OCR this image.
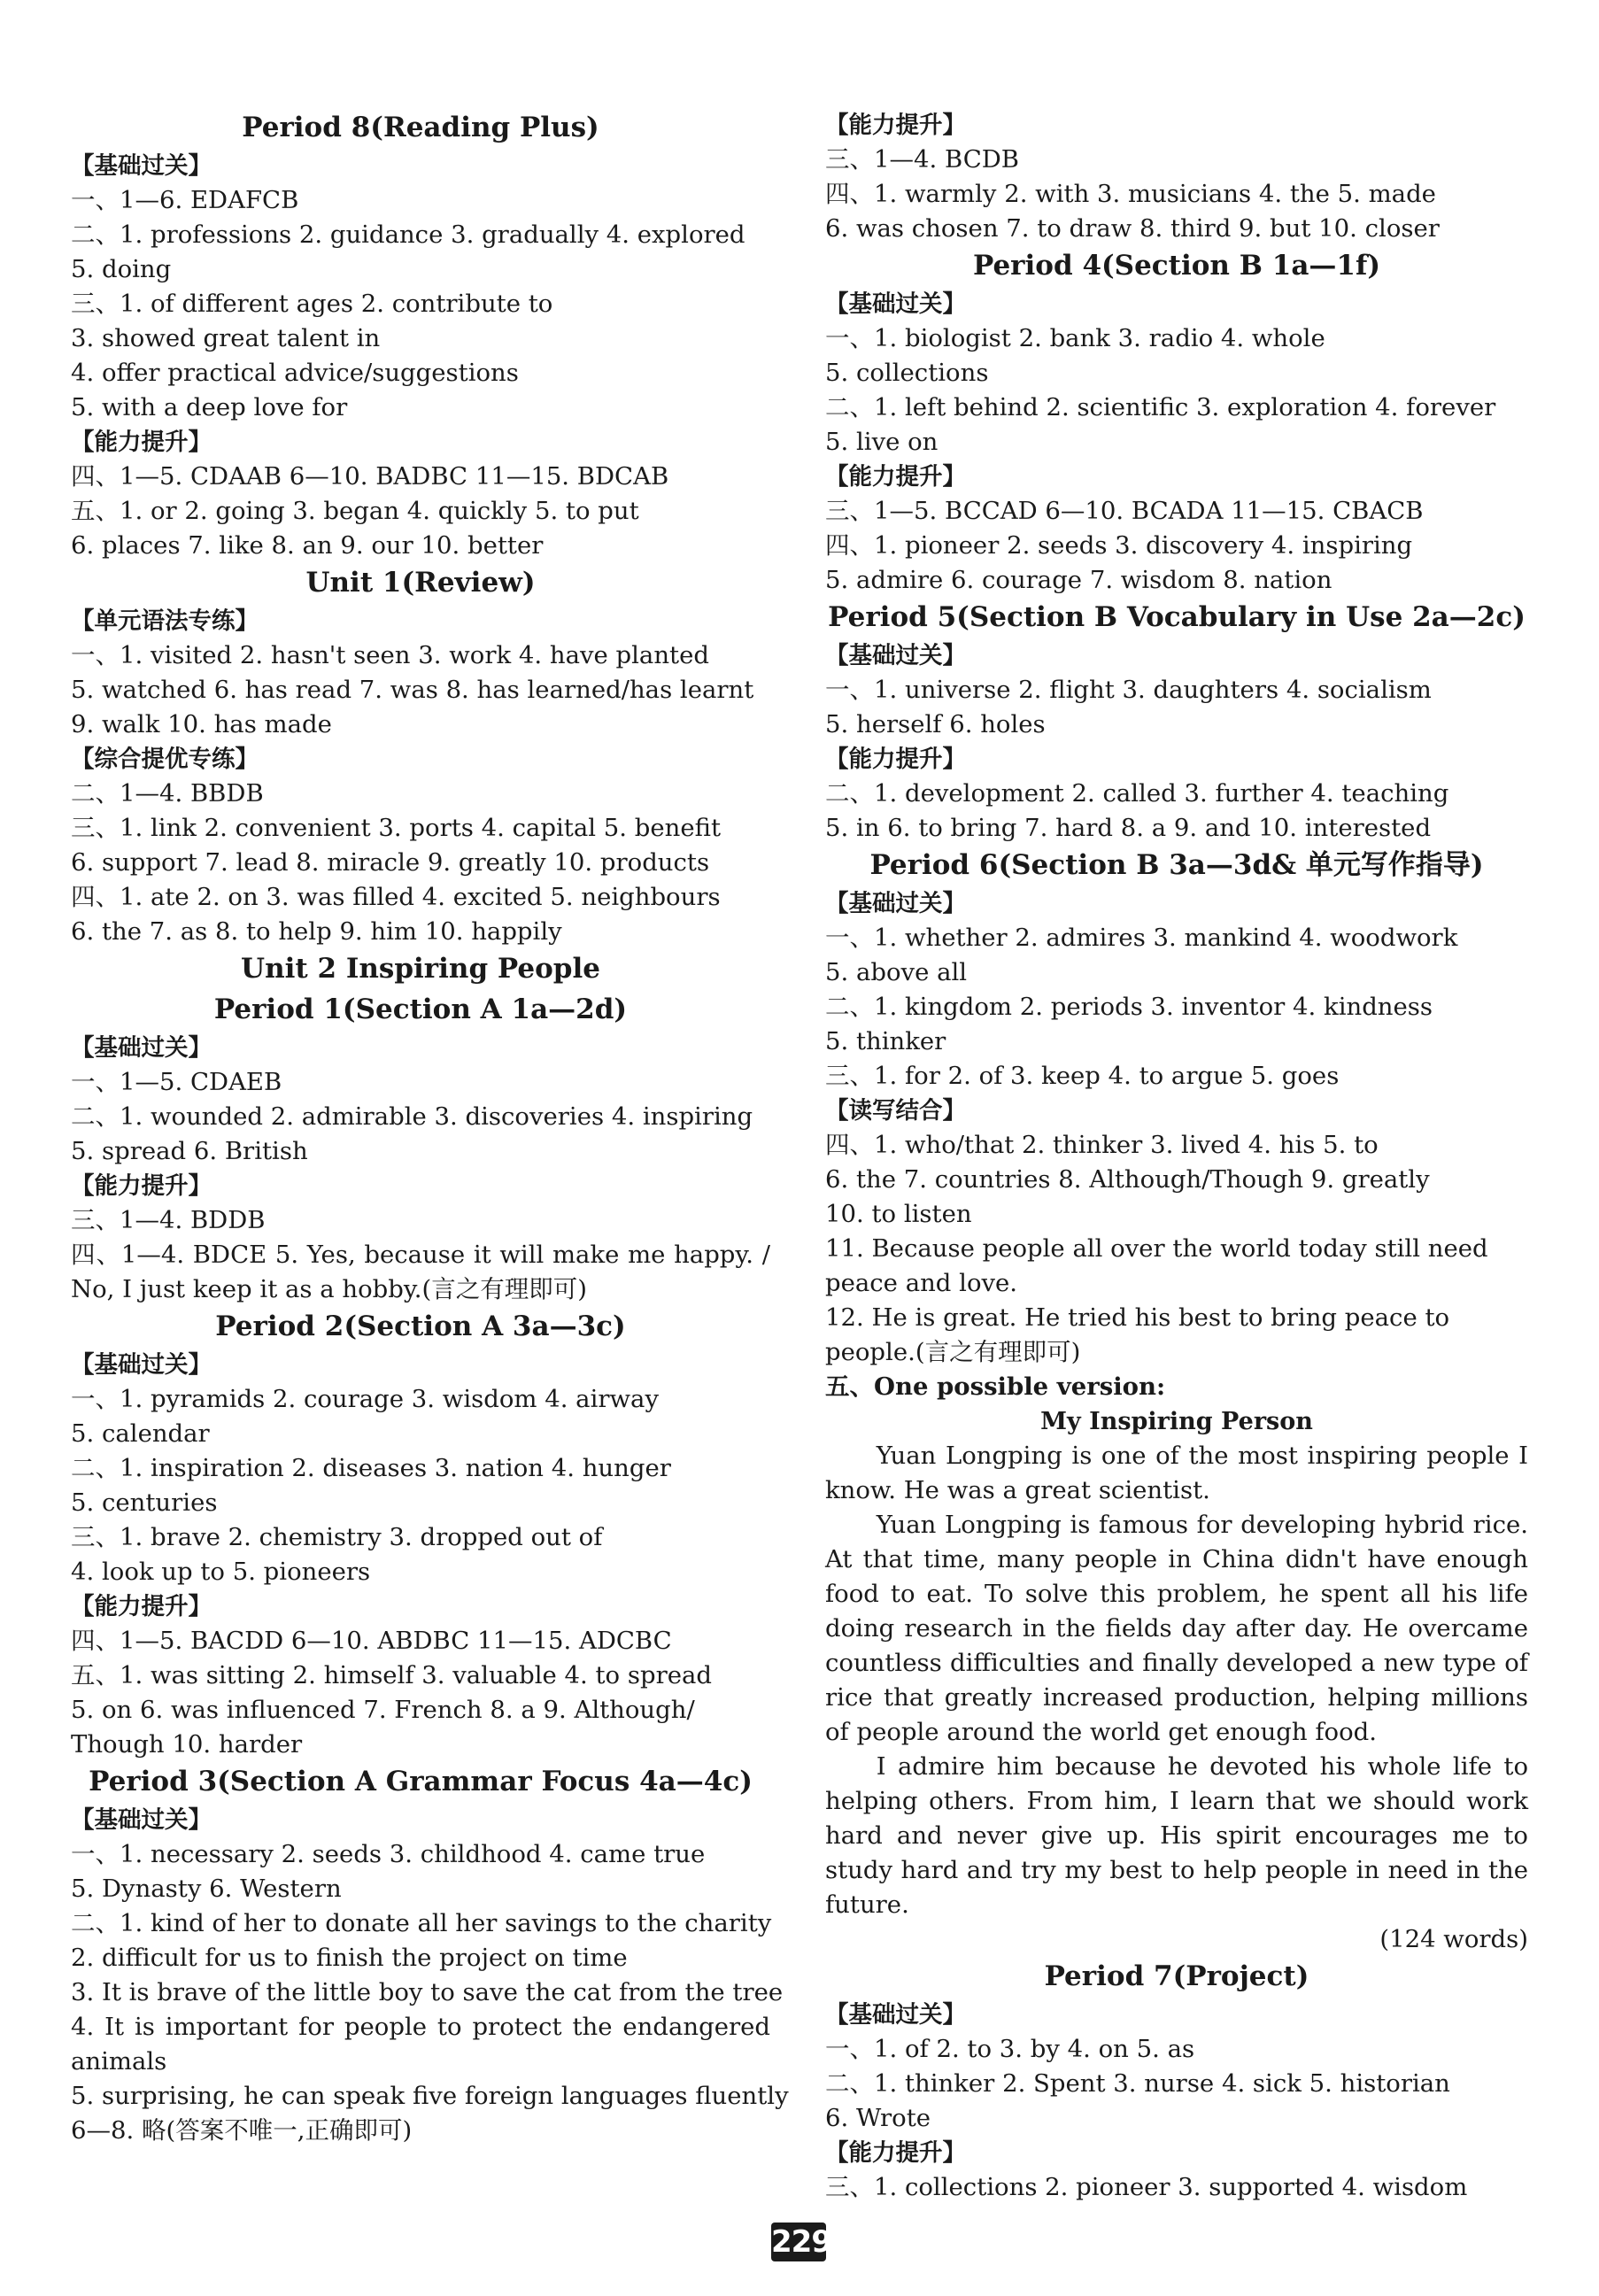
Period 8(Reading Plus)
【基础过关】
一、1—6. EDAFCB
二、1. professions 2. guidance 3. gradually 4. explored
5. doing
三、1. of different ages 2. contribute to
3. showed great talent in
4. offer practical advice/suggestions
5. with a deep love for
【能力提升】
四、1—5. CDAAB 6—10. BADBC 11—15. BDCAB
五、1. or 2. going 3. began 4. quickly 5. to put
6. places 7. like 8. an 9. our 10. better
Unit 1(Review)
【单元语法专练】
一、1. visited 2. hasn't seen 3. work 4. have planted
5. watched 6. has read 7. was 8. has learned/has learnt
9. walk 10. has made
【综合提优专练】
二、1—4. BBDB
三、1. link 2. convenient 3. ports 4. capital 5. benefit
6. support 7. lead 8. miracle 9. greatly 10. products
四、1. ate 2. on 3. was filled 4. excited 5. neighbours
6. the 7. as 8. to help 9. him 10. happily
Unit 2 Inspiring People
Period 1(Section A 1a—2d)
【基础过关】
一、1—5. CDAEB
二、1. wounded 2. admirable 3. discoveries 4. inspiring
5. spread 6. British
【能力提升】
三、1—4. BDDB
四、1—4. BDCE 5. Yes, because it will make me happy. /
No, I just keep it as a hobby.(言之有理即可)
Period 2(Section A 3a—3c)
【基础过关】
一、1. pyramids 2. courage 3. wisdom 4. airway
5. calendar
二、1. inspiration 2. diseases 3. nation 4. hunger
5. centuries
三、1. brave 2. chemistry 3. dropped out of
4. look up to 5. pioneers
【能力提升】
四、1—5. BACDD 6—10. ABDBC 11—15. ADCBC
五、1. was sitting 2. himself 3. valuable 4. to spread
5. on 6. was influenced 7. French 8. a 9. Although/
Though 10. harder
Period 3(Section A Grammar Focus 4a—4c)
【基础过关】
一、1. necessary 2. seeds 3. childhood 4. came true
5. Dynasty 6. Western
二、1. kind of her to donate all her savings to the charity
2. difficult for us to finish the project on time
3. It is brave of the little boy to save the cat from the tree
4. It is important for people to protect the endangered
animals
5. surprising, he can speak five foreign languages fluently
6—8. 略(答案不唯一,正确即可)
【能力提升】
三、1—4. BCDB
四、1. warmly 2. with 3. musicians 4. the 5. made
6. was chosen 7. to draw 8. third 9. but 10. closer
Period 4(Section B 1a—1f)
【基础过关】
一、1. biologist 2. bank 3. radio 4. whole
5. collections
二、1. left behind 2. scientific 3. exploration 4. forever
5. live on
【能力提升】
三、1—5. BCCAD 6—10. BCADA 11—15. CBACB
四、1. pioneer 2. seeds 3. discovery 4. inspiring
5. admire 6. courage 7. wisdom 8. nation
Period 5(Section B Vocabulary in Use 2a—2c)
【基础过关】
一、1. universe 2. flight 3. daughters 4. socialism
5. herself 6. holes
【能力提升】
二、1. development 2. called 3. further 4. teaching
5. in 6. to bring 7. hard 8. a 9. and 10. interested
Period 6(Section B 3a—3d& 单元写作指导)
【基础过关】
一、1. whether 2. admires 3. mankind 4. woodwork
5. above all
二、1. kingdom 2. periods 3. inventor 4. kindness
5. thinker
三、1. for 2. of 3. keep 4. to argue 5. goes
【读写结合】
四、1. who/that 2. thinker 3. lived 4. his 5. to
6. the 7. countries 8. Although/Though 9. greatly
10. to listen
11. Because people all over the world today still need peace and love.
12. He is great. He tried his best to bring peace to people.(言之有理即可)
五、One possible version:
My Inspiring Person
Yuan Longping is one of the most inspiring people I know. He was a great scientist.
Yuan Longping is famous for developing hybrid rice. At that time, many people in China didn't have enough food to eat. To solve this problem, he spent all his life doing research in the fields day after day. He overcame countless difficulties and finally developed a new type of rice that greatly increased production, helping millions of people around the world get enough food.
I admire him because he devoted his whole life to helping others. From him, I learn that we should work hard and never give up. His spirit encourages me to study hard and try my best to help people in need in the future.
(124 words)
Period 7(Project)
【基础过关】
一、1. of 2. to 3. by 4. on 5. as
二、1. thinker 2. Spent 3. nurse 4. sick 5. historian
6. Wrote
【能力提升】
三、1. collections 2. pioneer 3. supported 4. wisdom
229
